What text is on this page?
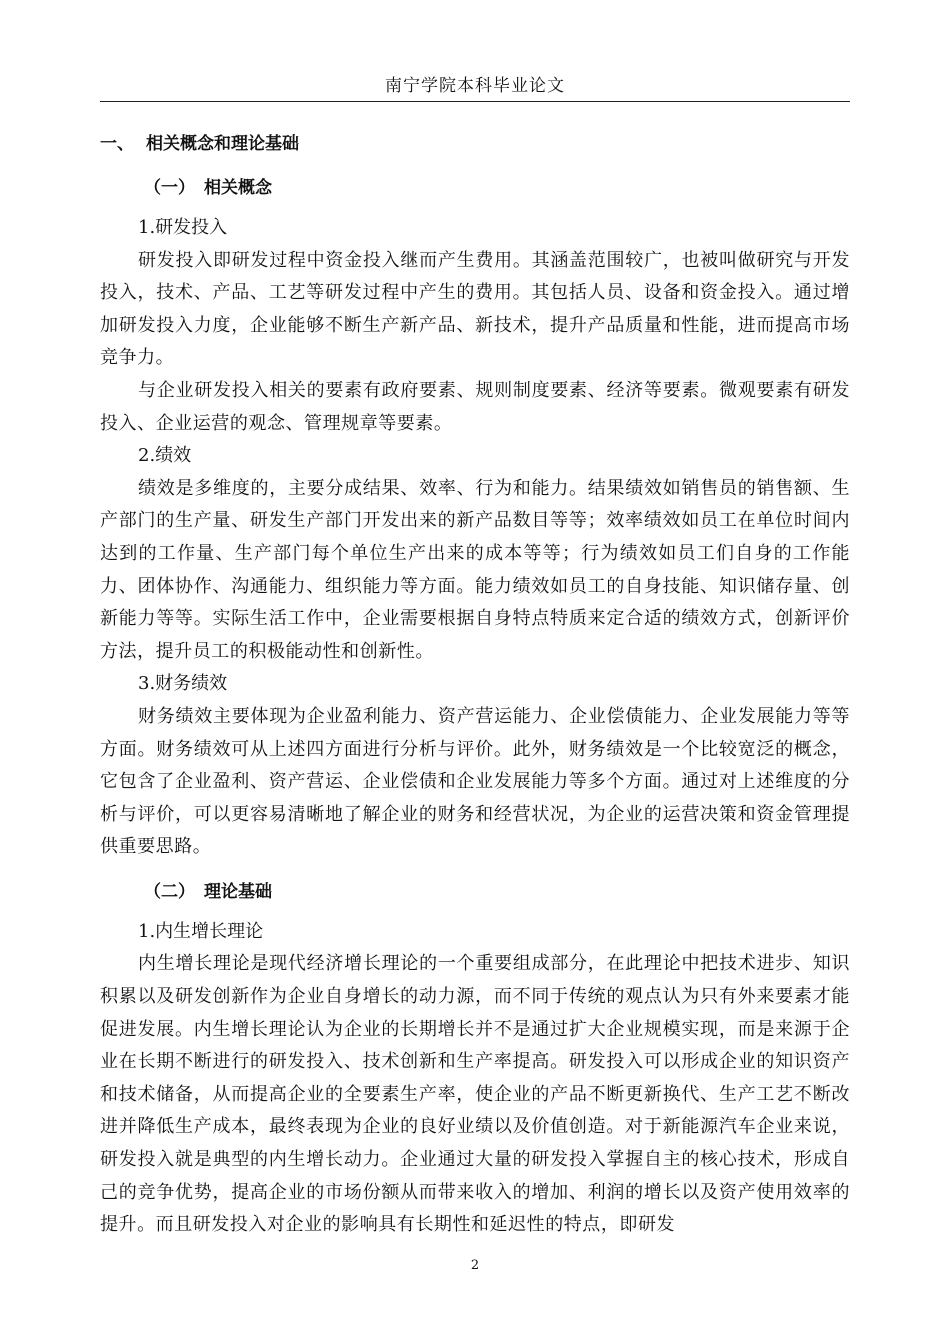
南宁学院本科毕业论文
一、 相关概念和理论基础
（一） 相关概念
1.研发投入

研发投入即研发过程中资金投入继而产生费用。其涵盖范围较广，也被叫做研究与开发投入，技术、产品、工艺等研发过程中产生的费用。其包括人员、设备和资金投入。通过增加研发投入力度，企业能够不断生产新产品、新技术，提升产品质量和性能，进而提高市场竞争力。

与企业研发投入相关的要素有政府要素、规则制度要素、经济等要素。微观要素有研发投入、企业运营的观念、管理规章等要素。

2.绩效

绩效是多维度的，主要分成结果、效率、行为和能力。结果绩效如销售员的销售额、生产部门的生产量、研发生产部门开发出来的新产品数目等等；效率绩效如员工在单位时间内达到的工作量、生产部门每个单位生产出来的成本等等；行为绩效如员工们自身的工作能力、团体协作、沟通能力、组织能力等方面。能力绩效如员工的自身技能、知识储存量、创新能力等等。实际生活工作中，企业需要根据自身特点特质来定合适的绩效方式，创新评价方法，提升员工的积极能动性和创新性。

3.财务绩效

财务绩效主要体现为企业盈利能力、资产营运能力、企业偿债能力、企业发展能力等等方面。财务绩效可从上述四方面进行分析与评价。此外，财务绩效是一个比较宽泛的概念，它包含了企业盈利、资产营运、企业偿债和企业发展能力等多个方面。通过对上述维度的分析与评价，可以更容易清晰地了解企业的财务和经营状况，为企业的运营决策和资金管理提供重要思路。

（二） 理论基础
1.内生增长理论

内生增长理论是现代经济增长理论的一个重要组成部分，在此理论中把技术进步、知识积累以及研发创新作为企业自身增长的动力源，而不同于传统的观点认为只有外来要素才能促进发展。内生增长理论认为企业的长期增长并不是通过扩大企业规模实现，而是来源于企业在长期不断进行的研发投入、技术创新和生产率提高。研发投入可以形成企业的知识资产和技术储备，从而提高企业的全要素生产率，使企业的产品不断更新换代、生产工艺不断改进并降低生产成本，最终表现为企业的良好业绩以及价值创造。对于新能源汽车企业来说，研发投入就是典型的内生增长动力。企业通过大量的研发投入掌握自主的核心技术，形成自己的竞争优势，提高企业的市场份额从而带来收入的增加、利润的增长以及资产使用效率的提升。而且研发投入对企业的影响具有长期性和延迟性的特点，即研发

2
